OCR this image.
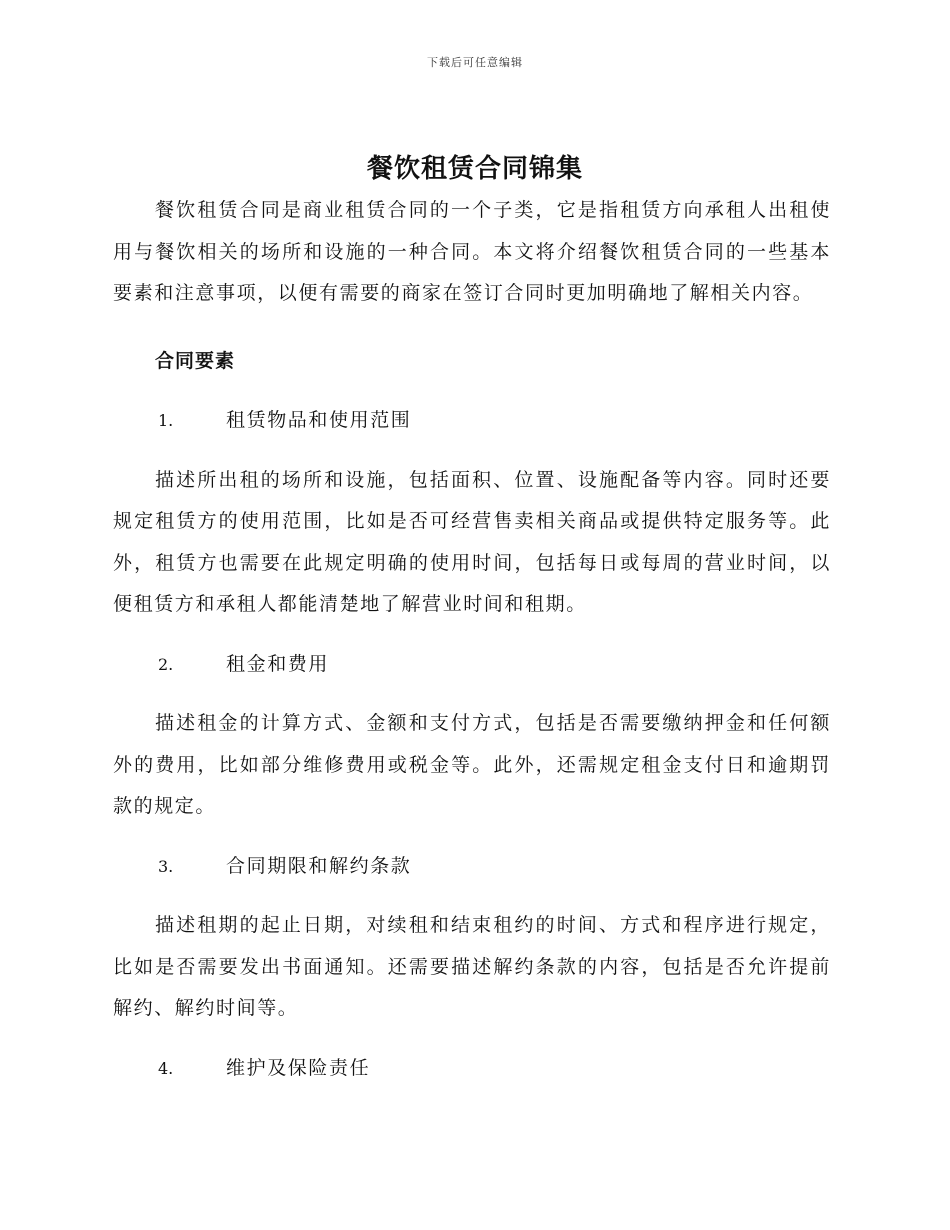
下载后可任意编辑
餐饮租赁合同锦集

餐饮租赁合同是商业租赁合同的一个子类，它是指租赁方向承租人出租使用与餐饮相关的场所和设施的一种合同。本文将介绍餐饮租赁合同的一些基本要素和注意事项，以便有需要的商家在签订合同时更加明确地了解相关内容。

合同要素
1.	租赁物品和使用范围

描述所出租的场所和设施，包括面积、位置、设施配备等内容。同时还要规定租赁方的使用范围，比如是否可经营售卖相关商品或提供特定服务等。此外，租赁方也需要在此规定明确的使用时间，包括每日或每周的营业时间，以便租赁方和承租人都能清楚地了解营业时间和租期。

2.	租金和费用

描述租金的计算方式、金额和支付方式，包括是否需要缴纳押金和任何额外的费用，比如部分维修费用或税金等。此外，还需规定租金支付日和逾期罚款的规定。

3.	合同期限和解约条款

描述租期的起止日期，对续租和结束租约的时间、方式和程序进行规定，比如是否需要发出书面通知。还需要描述解约条款的内容，包括是否允许提前解约、解约时间等。

4.	维护及保险责任
